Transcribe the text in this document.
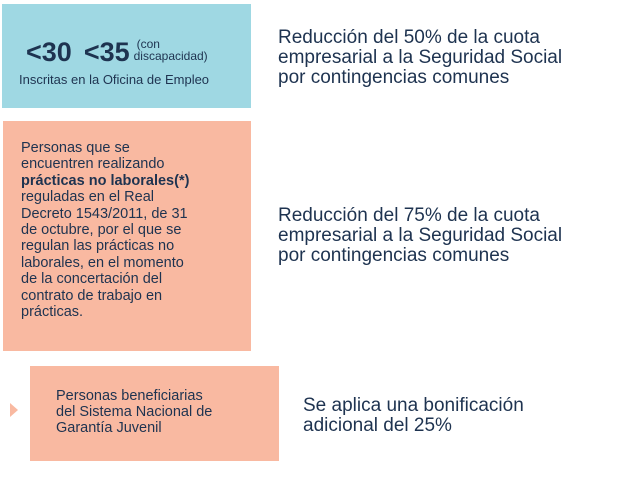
<30 <35 (con
discapacidad)
Inscritas en la Oficina de Empleo
Reducción del 50% de la cuota
empresarial a la Seguridad Social
por contingencias comunes
Personas que se
encuentren realizando
prácticas no laborales(*)
reguladas en el Real
Decreto 1543/2011, de 31
de octubre, por el que se
regulan las prácticas no
laborales, en el momento
de la concertación del
contrato de trabajo en
prácticas.
Reducción del 75% de la cuota
empresarial a la Seguridad Social
por contingencias comunes
Personas beneficiarias
del Sistema Nacional de
Garantía Juvenil
Se aplica una bonificación
adicional del 25%
